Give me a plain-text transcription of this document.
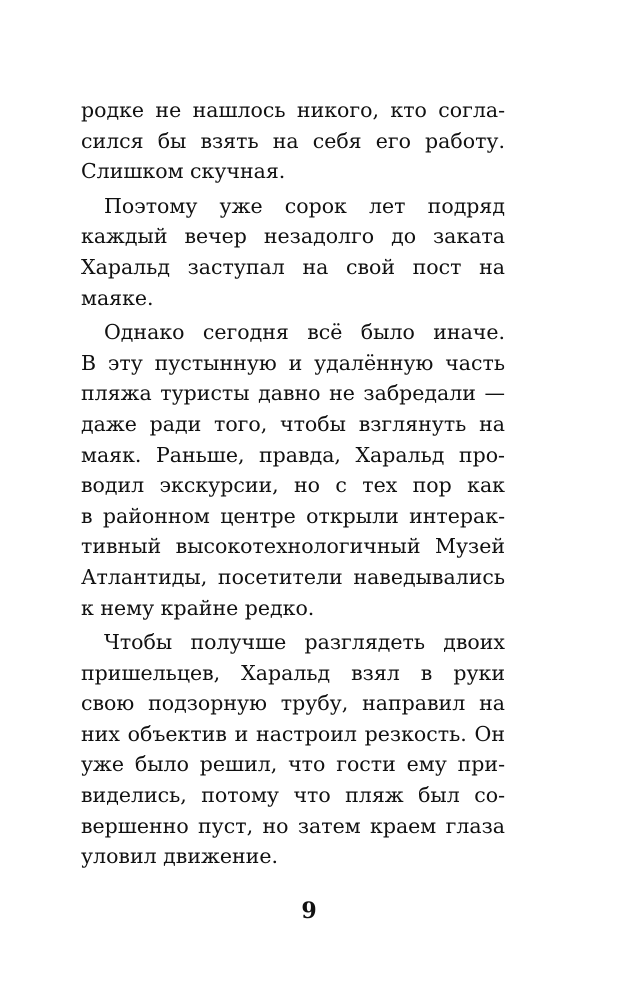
родке не нашлось никого, кто согла-
сился бы взять на себя его работу.
Слишком скучная.
Поэтому уже сорок лет подряд
каждый вечер незадолго до заката
Харальд заступал на свой пост на
маяке.
Однако сегодня всё было иначе.
В эту пустынную и удалённую часть
пляжа туристы давно не забредали —
даже ради того, чтобы взглянуть на
маяк. Раньше, правда, Харальд про-
водил экскурсии, но с тех пор как
в районном центре открыли интерак-
тивный высокотехнологичный Музей
Атлантиды, посетители наведывались
к нему крайне редко.
Чтобы получше разглядеть двоих
пришельцев, Харальд взял в руки
свою подзорную трубу, направил на
них объектив и настроил резкость. Он
уже было решил, что гости ему при-
виделись, потому что пляж был со-
вершенно пуст, но затем краем глаза
уловил движение.
9
